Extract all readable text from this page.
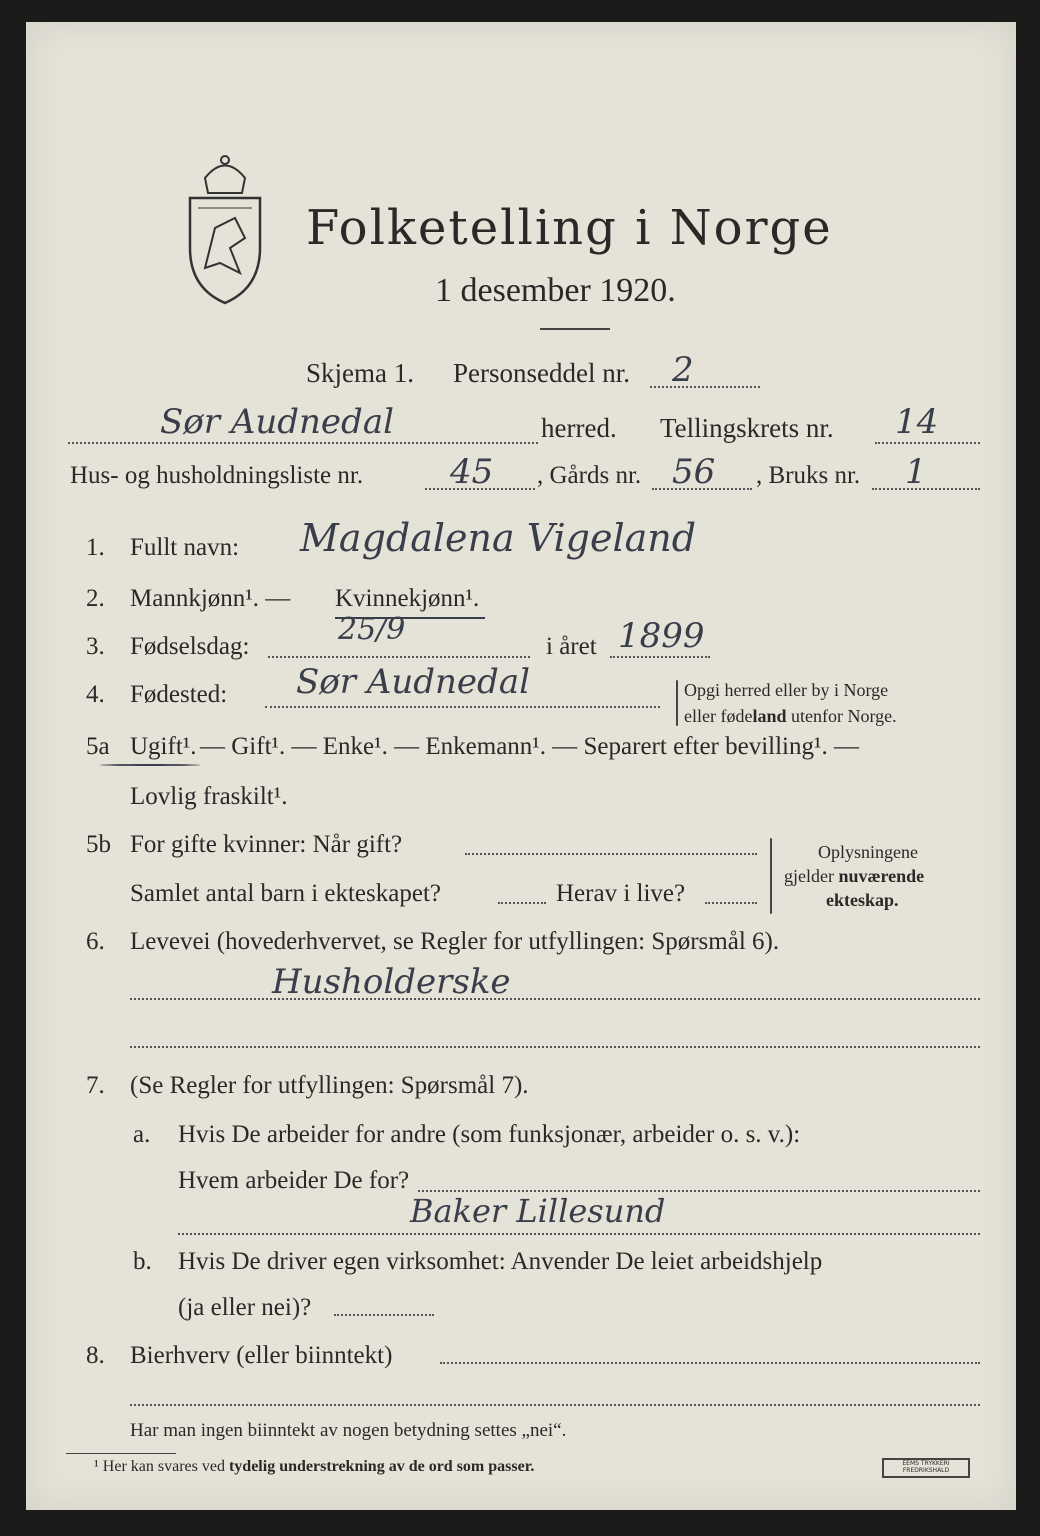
Folketelling i Norge
1 desember 1920.
Skjema 1. Personseddel nr. 2
Sør Audnedal	herred. Tellingskrets nr. 14
Hus- og husholdningsliste nr.	45 , Gårds nr. 56 , Bruks nr. 1
1. Fullt navn: Magdalena Vigeland
2. Mannkjønn¹. — Kvinnekjønn¹.
3. Fødselsdag:	25/9	i året 1899
4. Fødested: Sør Audnedal	Opgi herred eller by i Norge
eller fødeland utenfor Norge.
5a Ugift¹. — Gift¹. — Enke¹. — Enkemann¹. — Separert efter bevilling¹. —
Lovlig fraskilt¹.
5b For gifte kvinner: Når gift?
Samlet antal barn i ekteskapet?	Herav i live?
Oplysningene
gjelder nuværende
ekteskap.
6. Levevei (hovederhvervet, se Regler for utfyllingen: Spørsmål 6).
Husholderske
7. (Se Regler for utfyllingen: Spørsmål 7).
a. Hvis De arbeider for andre (som funksjonær, arbeider o. s. v.):
Hvem arbeider De for?
Baker Lillesund
b. Hvis De driver egen virksomhet: Anvender De leiet arbeidshjelp
(ja eller nei)?
8. Bierhverv (eller biinntekt)
Har man ingen biinntekt av nogen betydning settes „nei“.
¹ Her kan svares ved tydelig understrekning av de ord som passer.	EEMS TRYKKERI FREDRIKSHALD
